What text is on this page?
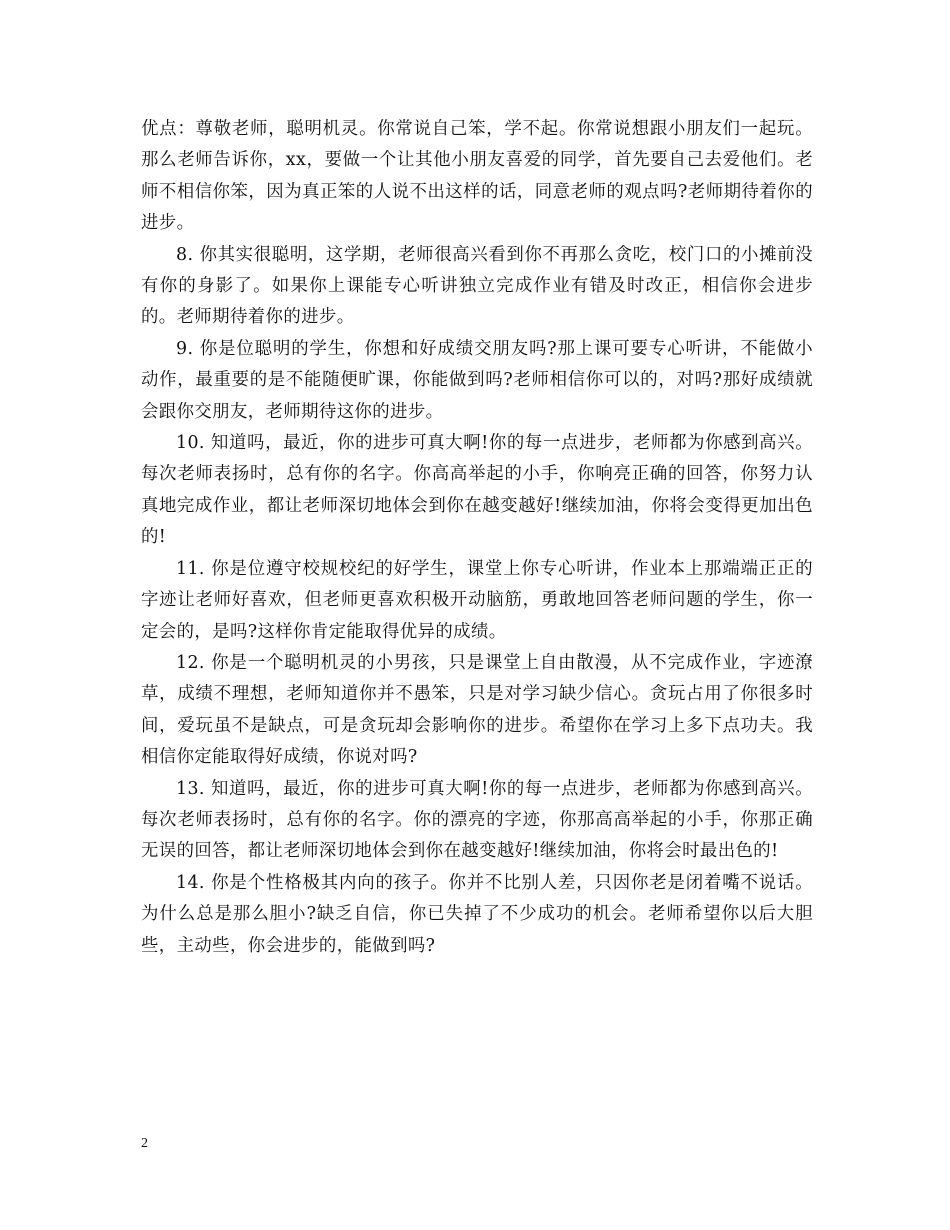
优点：尊敬老师，聪明机灵。你常说自己笨，学不起。你常说想跟小朋友们一起玩。那么老师告诉你，xx，要做一个让其他小朋友喜爱的同学，首先要自己去爱他们。老师不相信你笨，因为真正笨的人说不出这样的话，同意老师的观点吗?老师期待着你的进步。

8. 你其实很聪明，这学期，老师很高兴看到你不再那么贪吃，校门口的小摊前没有你的身影了。如果你上课能专心听讲独立完成作业有错及时改正，相信你会进步的。老师期待着你的进步。

9. 你是位聪明的学生，你想和好成绩交朋友吗?那上课可要专心听讲，不能做小动作，最重要的是不能随便旷课，你能做到吗?老师相信你可以的，对吗?那好成绩就会跟你交朋友，老师期待这你的进步。

10. 知道吗，最近，你的进步可真大啊!你的每一点进步，老师都为你感到高兴。每次老师表扬时，总有你的名字。你高高举起的小手，你响亮正确的回答，你努力认真地完成作业，都让老师深切地体会到你在越变越好!继续加油，你将会变得更加出色的!

11. 你是位遵守校规校纪的好学生，课堂上你专心听讲，作业本上那端端正正的字迹让老师好喜欢，但老师更喜欢积极开动脑筋，勇敢地回答老师问题的学生，你一定会的，是吗?这样你肯定能取得优异的成绩。

12. 你是一个聪明机灵的小男孩，只是课堂上自由散漫，从不完成作业，字迹潦草，成绩不理想，老师知道你并不愚笨，只是对学习缺少信心。贪玩占用了你很多时间，爱玩虽不是缺点，可是贪玩却会影响你的进步。希望你在学习上多下点功夫。我相信你定能取得好成绩，你说对吗?

13. 知道吗，最近，你的进步可真大啊!你的每一点进步，老师都为你感到高兴。每次老师表扬时，总有你的名字。你的漂亮的字迹，你那高高举起的小手，你那正确无误的回答，都让老师深切地体会到你在越变越好!继续加油，你将会时最出色的!

14. 你是个性格极其内向的孩子。你并不比别人差，只因你老是闭着嘴不说话。为什么总是那么胆小?缺乏自信，你已失掉了不少成功的机会。老师希望你以后大胆些，主动些，你会进步的，能做到吗?

2
